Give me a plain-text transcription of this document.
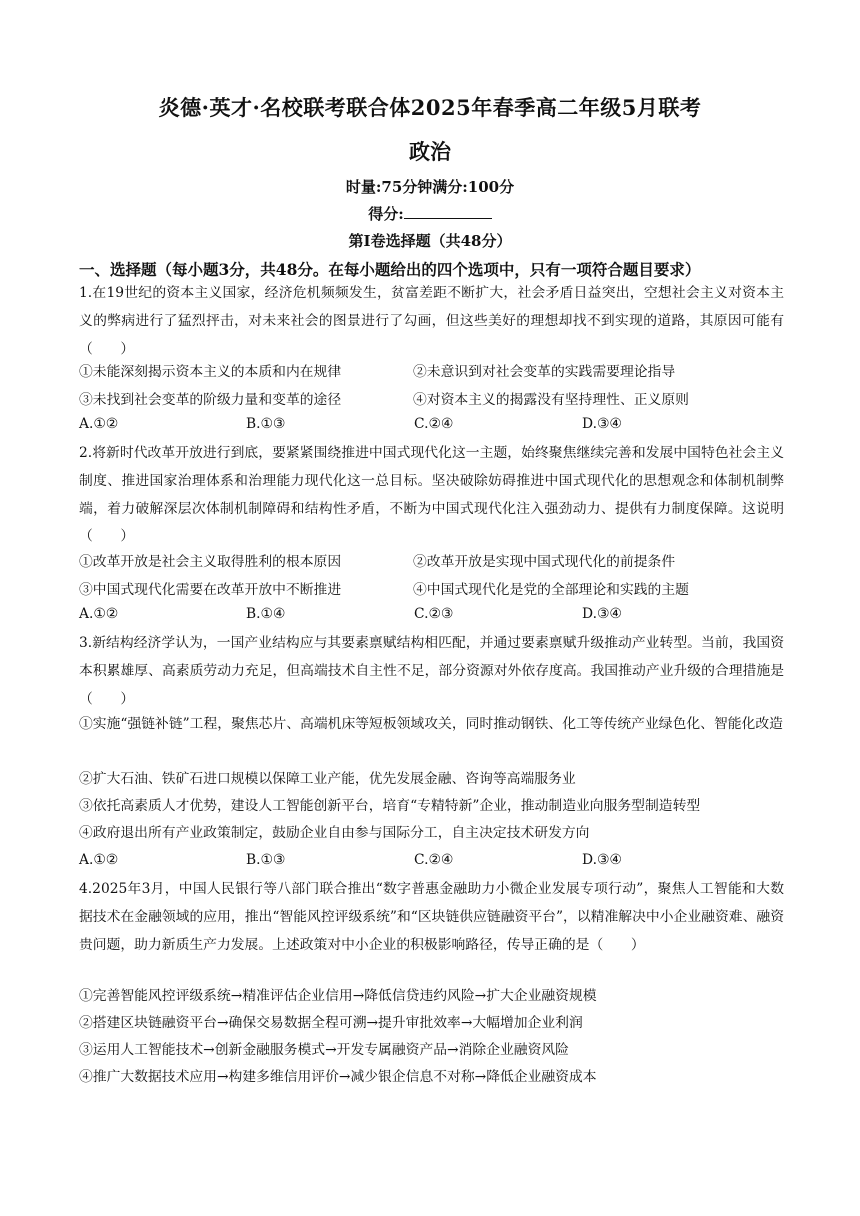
炎德·英才·名校联考联合体2025年春季高二年级5月联考
政治
时量:75分钟满分:100分
得分:
第Ⅰ卷选择题（共48分）
一、选择题（每小题3分，共48分。在每小题给出的四个选项中，只有一项符合题目要求）
1.在19世纪的资本主义国家，经济危机频频发生，贫富差距不断扩大，社会矛盾日益突出，空想社会主义对资本主义的弊病进行了猛烈抨击，对未来社会的图景进行了勾画，但这些美好的理想却找不到实现的道路，其原因可能有（　　）
①未能深刻揭示资本主义的本质和内在规律	②未意识到对社会变革的实践需要理论指导
③未找到社会变革的阶级力量和变革的途径	④对资本主义的揭露没有坚持理性、正义原则
A.①②	B.①③	C.②④	D.③④
2.将新时代改革开放进行到底，要紧紧围绕推进中国式现代化这一主题，始终聚焦继续完善和发展中国特色社会主义制度、推进国家治理体系和治理能力现代化这一总目标。坚决破除妨碍推进中国式现代化的思想观念和体制机制弊端，着力破解深层次体制机制障碍和结构性矛盾，不断为中国式现代化注入强劲动力、提供有力制度保障。这说明（　　）
①改革开放是社会主义取得胜利的根本原因	②改革开放是实现中国式现代化的前提条件
③中国式现代化需要在改革开放中不断推进	④中国式现代化是党的全部理论和实践的主题
A.①②	B.①④	C.②③	D.③④
3.新结构经济学认为，一国产业结构应与其要素禀赋结构相匹配，并通过要素禀赋升级推动产业转型。当前，我国资本积累雄厚、高素质劳动力充足，但高端技术自主性不足，部分资源对外依存度高。我国推动产业升级的合理措施是（　　）
①实施“强链补链”工程，聚焦芯片、高端机床等短板领域攻关，同时推动钢铁、化工等传统产业绿色化、智能化改造
②扩大石油、铁矿石进口规模以保障工业产能，优先发展金融、咨询等高端服务业
③依托高素质人才优势，建设人工智能创新平台，培育“专精特新”企业，推动制造业向服务型制造转型
④政府退出所有产业政策制定，鼓励企业自由参与国际分工，自主决定技术研发方向
A.①②	B.①③	C.②④	D.③④
4.2025年3月，中国人民银行等八部门联合推出“数字普惠金融助力小微企业发展专项行动”，聚焦人工智能和大数据技术在金融领域的应用，推出“智能风控评级系统”和“区块链供应链融资平台”，以精准解决中小企业融资难、融资贵问题，助力新质生产力发展。上述政策对中小企业的积极影响路径，传导正确的是（　　）
①完善智能风控评级系统→精准评估企业信用→降低信贷违约风险→扩大企业融资规模
②搭建区块链融资平台→确保交易数据全程可溯→提升审批效率→大幅增加企业利润
③运用人工智能技术→创新金融服务模式→开发专属融资产品→消除企业融资风险
④推广大数据技术应用→构建多维信用评价→减少银企信息不对称→降低企业融资成本
